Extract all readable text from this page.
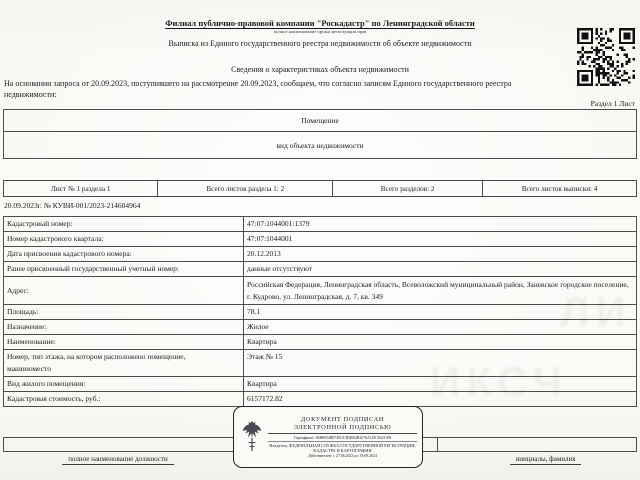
Филиал публично-правовой компании "Роскадастр" по Ленинградской области
полное наименование органа регистрации прав
Выписка из Единого государственного реестра недвижимости об объекте недвижимости
Сведения о характеристиках объекта недвижимости
На основании запроса от 20.09.2023, поступившего на рассмотрение 20.09.2023, сообщаем, что согласно записям Единого государственного реестра недвижимости:
Раздел 1 Лист
Помещение
вид объекта недвижимости
Лист № 1 раздела 1	Всего листов раздела 1: 2	Всего разделов: 2	Всего листов выписки: 4
20.09.2023г. № КУВИ-001/2023-214604964
Кадастровый номер:	47:07:1044001:1379
Номер кадастрового квартала:	47:07:1044001
Дата присвоения кадастрового номера:	20.12.2013
Ранее присвоенный государственный учетный номер:	данные отсутствуют
Адрес:	Российская Федерация, Ленинградская область, Всеволожский муниципальный район, Заневское городское поселение, г. Кудрово, ул. Ленинградская, д. 7, кв. 349
Площадь:	78.1
Назначение:	Жилое
Наименование:	Квартира
Номер, тип этажа, на котором расположено помещение, машиноместо	Этаж № 15
Вид жилого помещения:	Квартира
Кадастровая стоимость, руб.:	6157172.82	ИКСЧ
ЛИ

полное наименование должности	инициалы, фамилия
ДОКУМЕНТ ПОДПИСАН
ЭЛЕКТРОННОЙ ПОДПИСЬЮ
Сертификат: 00B8054B874D1CB3B02B3376ACDC8421108
Владелец: ФЕДЕРАЛЬНАЯ СЛУЖБА ГОСУДАРСТВЕННОЙ РЕГИСТРАЦИИ, КАДАСТРА И КАРТОГРАФИИ
Действителен: с 27.06.2023 по 19.09.2024
